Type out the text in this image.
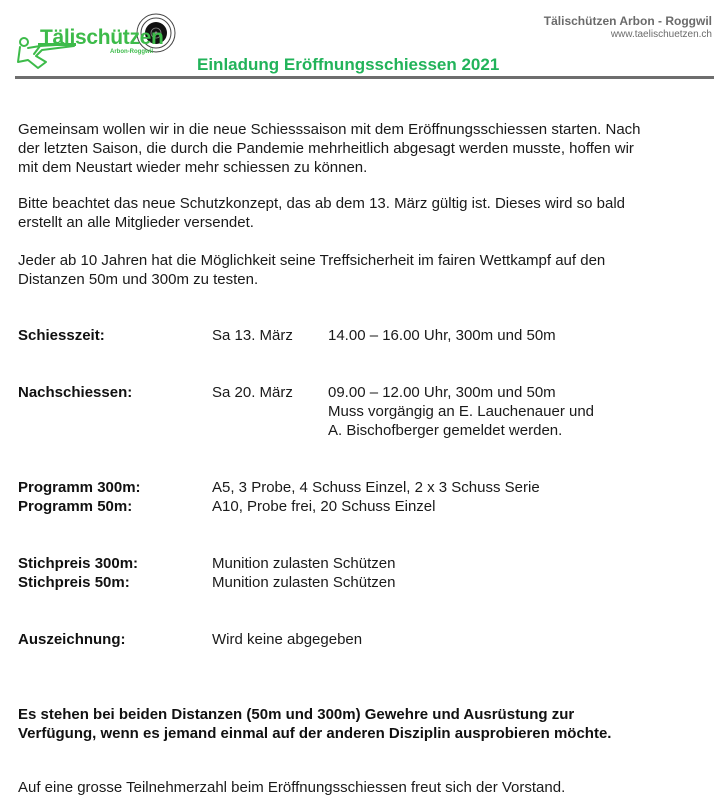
Tälischützen
Arbon-Roggwil
Tälischützen Arbon - Roggwil
www.taelischuetzen.ch
Einladung Eröffnungsschiessen 2021
Gemeinsam wollen wir in die neue Schiesssaison mit dem Eröffnungsschiessen starten. Nach
der letzten Saison, die durch die Pandemie mehrheitlich abgesagt werden musste, hoffen wir
mit dem Neustart wieder mehr schiessen zu können.
Bitte beachtet das neue Schutzkonzept, das ab dem 13. März gültig ist. Dieses wird so bald
erstellt an alle Mitglieder versendet.
Jeder ab 10 Jahren hat die Möglichkeit seine Treffsicherheit im fairen Wettkampf auf den
Distanzen 50m und 300m zu testen.
Schiesszeit:	Sa 13. März 14.00 – 16.00 Uhr, 300m und 50m
Nachschiessen:	Sa 20. März 09.00 – 12.00 Uhr, 300m und 50m
Muss vorgängig an E. Lauchenauer und
A. Bischofberger gemeldet werden.
Programm 300m:	A5, 3 Probe, 4 Schuss Einzel, 2 x 3 Schuss Serie
Programm 50m:	A10, Probe frei, 20 Schuss Einzel
Stichpreis 300m:	Munition zulasten Schützen
Stichpreis 50m:	Munition zulasten Schützen
Auszeichnung:	Wird keine abgegeben
Es stehen bei beiden Distanzen (50m und 300m) Gewehre und Ausrüstung zur
Verfügung, wenn es jemand einmal auf der anderen Disziplin ausprobieren möchte.
Auf eine grosse Teilnehmerzahl beim Eröffnungsschiessen freut sich der Vorstand.
